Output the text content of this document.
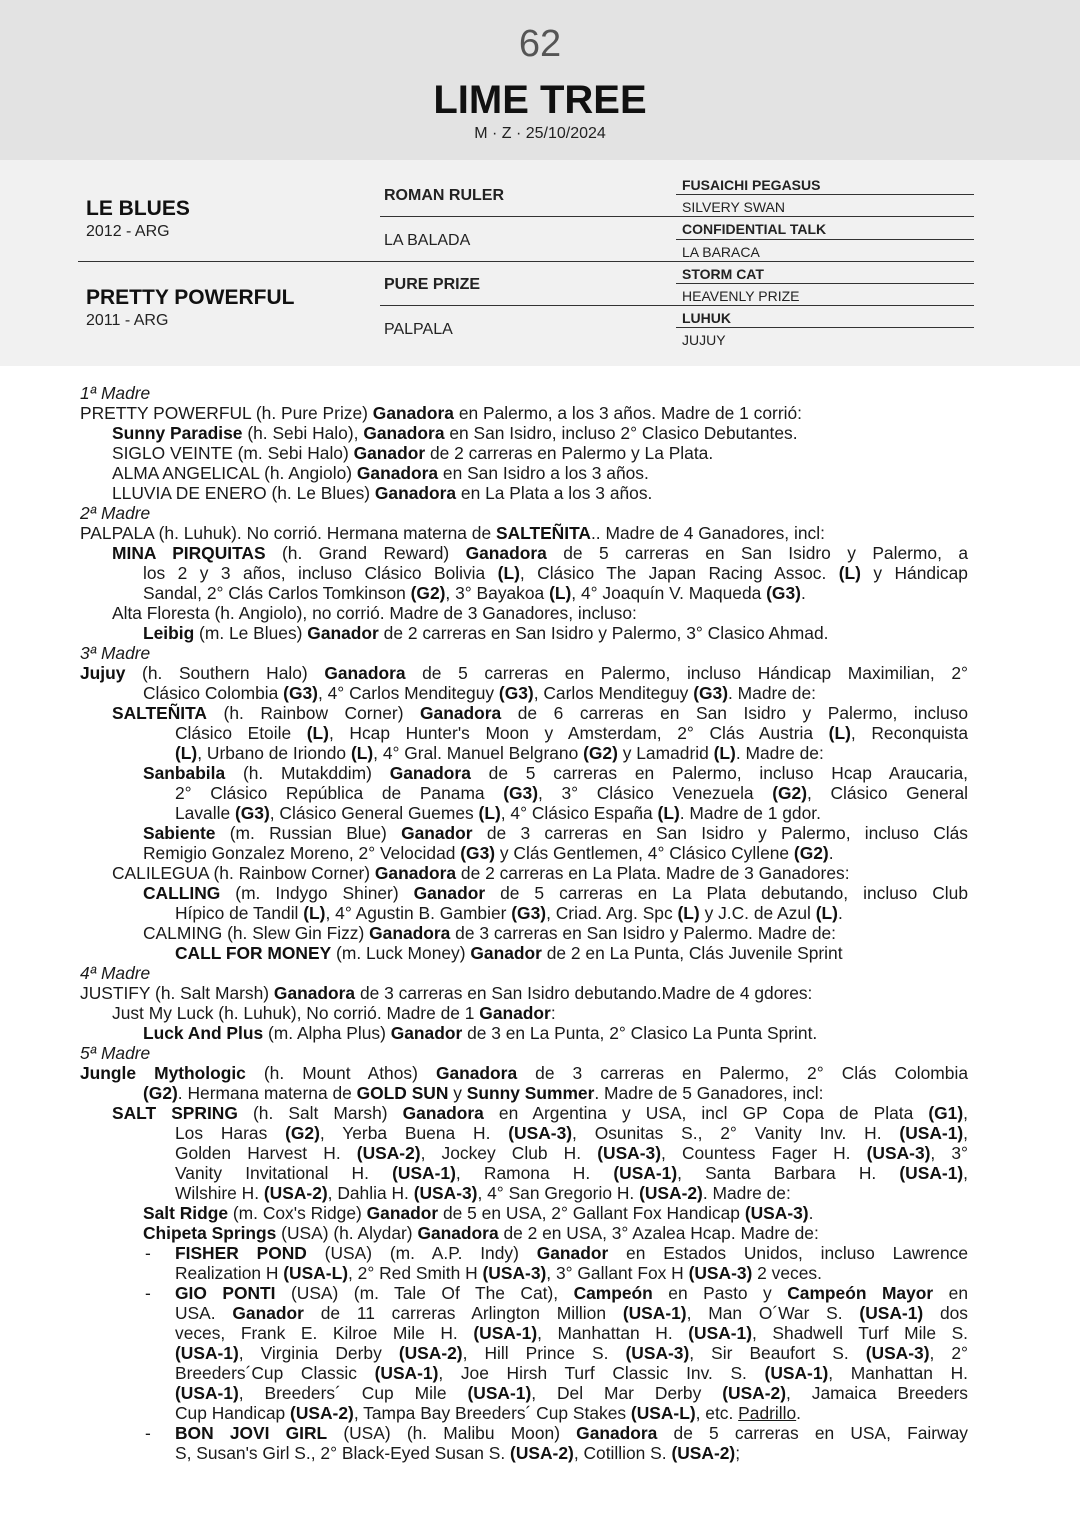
62
LIME TREE
M · Z · 25/10/2024
LE BLUES
2012 - ARG
PRETTY POWERFUL
2011 - ARG
ROMAN RULER
LA BALADA
PURE PRIZE
PALPALA
FUSAICHI PEGASUS
SILVERY SWAN
CONFIDENTIAL TALK
LA BARACA
STORM CAT
HEAVENLY PRIZE
LUHUK
JUJUY
1ª Madre
PRETTY POWERFUL (h. Pure Prize) Ganadora en Palermo, a los 3 años. Madre de 1 corrió:
Sunny Paradise (h. Sebi Halo), Ganadora en San Isidro, incluso 2° Clasico Debutantes.
SIGLO VEINTE (m. Sebi Halo) Ganador de 2 carreras en Palermo y La Plata.
ALMA ANGELICAL (h. Angiolo) Ganadora en San Isidro a los 3 años.
LLUVIA DE ENERO (h. Le Blues) Ganadora en La Plata a los 3 años.
2ª Madre
PALPALA (h. Luhuk). No corrió. Hermana materna de SALTEÑITA.. Madre de 4 Ganadores, incl:
MINA PIRQUITAS (h. Grand Reward) Ganadora de 5 carreras en San Isidro y Palermo, a
los 2 y 3 años, incluso Clásico Bolivia (L), Clásico The Japan Racing Assoc. (L) y Hándicap
Sandal, 2° Clás Carlos Tomkinson (G2), 3° Bayakoa (L), 4° Joaquín V. Maqueda (G3).
Alta Floresta (h. Angiolo), no corrió. Madre de 3 Ganadores, incluso:
Leibig (m. Le Blues) Ganador de 2 carreras en San Isidro y Palermo, 3° Clasico Ahmad.
3ª Madre
Jujuy (h. Southern Halo) Ganadora de 5 carreras en Palermo, incluso Hándicap Maximilian, 2°
Clásico Colombia (G3), 4° Carlos Menditeguy (G3), Carlos Menditeguy (G3). Madre de:
SALTEÑITA (h. Rainbow Corner) Ganadora de 6 carreras en San Isidro y Palermo, incluso
Clásico Etoile (L), Hcap Hunter's Moon y Amsterdam, 2° Clás Austria (L), Reconquista
(L), Urbano de Iriondo (L), 4° Gral. Manuel Belgrano (G2) y Lamadrid (L). Madre de:
Sanbabila (h. Mutakddim) Ganadora de 5 carreras en Palermo, incluso Hcap Araucaria,
2° Clásico República de Panama (G3), 3° Clásico Venezuela (G2), Clásico General
Lavalle (G3), Clásico General Guemes (L), 4° Clásico España (L). Madre de 1 gdor.
Sabiente (m. Russian Blue) Ganador de 3 carreras en San Isidro y Palermo, incluso Clás
Remigio Gonzalez Moreno, 2° Velocidad (G3) y Clás Gentlemen, 4° Clásico Cyllene (G2).
CALILEGUA (h. Rainbow Corner) Ganadora de 2 carreras en La Plata. Madre de 3 Ganadores:
CALLING (m. Indygo Shiner) Ganador de 5 carreras en La Plata debutando, incluso Club
Hípico de Tandil (L), 4° Agustin B. Gambier (G3), Criad. Arg. Spc (L) y J.C. de Azul (L).
CALMING (h. Slew Gin Fizz) Ganadora de 3 carreras en San Isidro y Palermo. Madre de:
CALL FOR MONEY (m. Luck Money) Ganador de 2 en La Punta, Clás Juvenile Sprint
4ª Madre
JUSTIFY (h. Salt Marsh) Ganadora de 3 carreras en San Isidro debutando.Madre de 4 gdores:
Just My Luck (h. Luhuk), No corrió. Madre de 1 Ganador:
Luck And Plus (m. Alpha Plus) Ganador de 3 en La Punta, 2° Clasico La Punta Sprint.
5ª Madre
Jungle Mythologic (h. Mount Athos) Ganadora de 3 carreras en Palermo, 2° Clás Colombia
(G2). Hermana materna de GOLD SUN y Sunny Summer. Madre de 5 Ganadores, incl:
SALT SPRING (h. Salt Marsh) Ganadora en Argentina y USA, incl GP Copa de Plata (G1),
Los Haras (G2), Yerba Buena H. (USA-3), Osunitas S., 2° Vanity Inv. H. (USA-1),
Golden Harvest H. (USA-2), Jockey Club H. (USA-3), Countess Fager H. (USA-3), 3°
Vanity Invitational H. (USA-1), Ramona H. (USA-1), Santa Barbara H. (USA-1),
Wilshire H. (USA-2), Dahlia H. (USA-3), 4° San Gregorio H. (USA-2). Madre de:
Salt Ridge (m. Cox's Ridge) Ganador de 5 en USA, 2° Gallant Fox Handicap (USA-3).
Chipeta Springs (USA) (h. Alydar) Ganadora de 2 en USA, 3° Azalea Hcap. Madre de:
- FISHER POND (USA) (m. A.P. Indy) Ganador en Estados Unidos, incluso Lawrence
Realization H (USA-L), 2° Red Smith H (USA-3), 3° Gallant Fox H (USA-3) 2 veces.
- GIO PONTI (USA) (m. Tale Of The Cat), Campeón en Pasto y Campeón Mayor en
USA. Ganador de 11 carreras Arlington Million (USA-1), Man O´War S. (USA-1) dos
veces, Frank E. Kilroe Mile H. (USA-1), Manhattan H. (USA-1), Shadwell Turf Mile S.
(USA-1), Virginia Derby (USA-2), Hill Prince S. (USA-3), Sir Beaufort S. (USA-3), 2°
Breeders´Cup Classic (USA-1), Joe Hirsh Turf Classic Inv. S. (USA-1), Manhattan H.
(USA-1), Breeders´ Cup Mile (USA-1), Del Mar Derby (USA-2), Jamaica Breeders
Cup Handicap (USA-2), Tampa Bay Breeders´ Cup Stakes (USA-L), etc. Padrillo.
- BON JOVI GIRL (USA) (h. Malibu Moon) Ganadora de 5 carreras en USA, Fairway
S, Susan's Girl S., 2° Black-Eyed Susan S. (USA-2), Cotillion S. (USA-2);
